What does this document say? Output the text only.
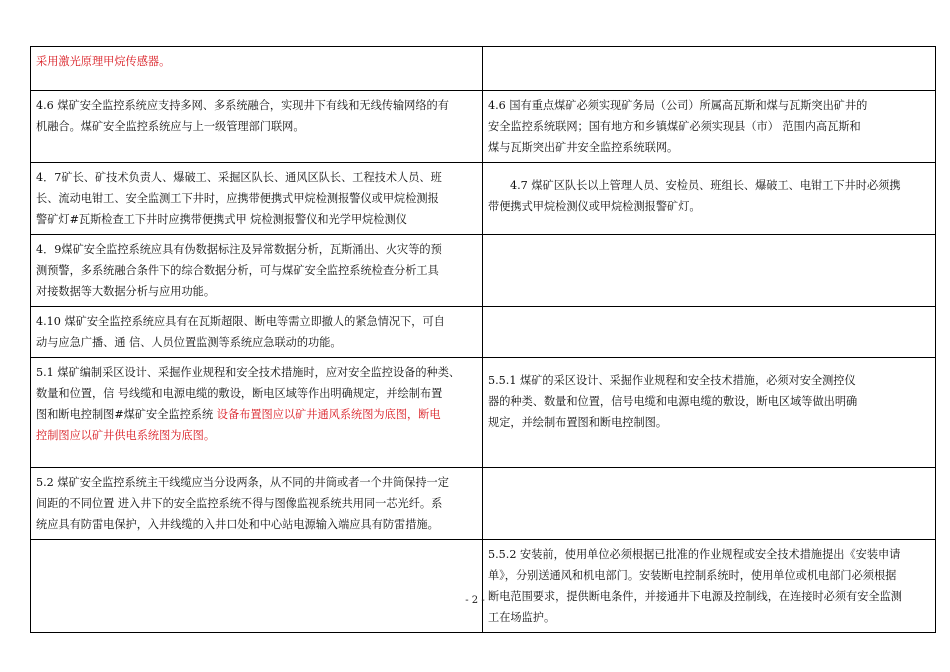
采用激光原理甲烷传感器。	

4.6 煤矿安全监控系统应支持多网、多系统融合，实现井下有线和无线传输网络的有
机融合。煤矿安全监控系统应与上一级管理部门联网。	4.6 国有重点煤矿必须实现矿务局（公司）所属高瓦斯和煤与瓦斯突出矿井的
安全监控系统联网；国有地方和乡镇煤矿必须实现县（市） 范围内高瓦斯和
煤与瓦斯突出矿井安全监控系统联网。

4．7矿长、矿技术负责人、爆破工、采掘区队长、通风区队长、工程技术人员、班
长、流动电钳工、安全监测工下井时，应携带便携式甲烷检测报警仪或甲烷检测报
警矿灯#瓦斯检查工下井时应携带便携式甲 烷检测报警仪和光学甲烷检测仪	4.7 煤矿区队长以上管理人员、安检员、班组长、爆破工、电钳工下井时必须携
带便携式甲烷检测仪或甲烷检测报警矿灯。

4．9煤矿安全监控系统应具有伪数据标注及异常数据分析，瓦斯涌出、火灾等的预
测预警，多系统融合条件下的综合数据分析，可与煤矿安全监控系统检查分析工具
对接数据等大数据分析与应用功能。	

4.10 煤矿安全监控系统应具有在瓦斯超限、断电等需立即撤人的紧急情况下，可自
动与应急广播、通 信、人员位置监测等系统应急联动的功能。	

5.1 煤矿编制采区设计、采掘作业规程和安全技术措施时，应对安全监控设备的种类、
数量和位置，信 号线缆和电源电缆的敷设，断电区域等作出明确规定，并绘制布置
图和断电控制图#煤矿安全监控系统 设备布置图应以矿井通风系统图为底图，断电
控制图应以矿井供电系统图为底图。	5.5.1 煤矿的采区设计、采掘作业规程和安全技术措施，必须对安全测控仪
器的种类、数量和位置，信号电缆和电源电缆的敷设，断电区域等做出明确
规定，并绘制布置图和断电控制图。

5.2 煤矿安全监控系统主干线缆应当分设两条，从不同的井筒或者一个井筒保持一定
间距的不同位置 进入井下的安全监控系统不得与图像监视系统共用同一芯光纤。系
统应具有防雷电保护，入井线缆的入井口处和中心站电源输入端应具有防雷措施。	

	5.5.2 安装前，使用单位必须根据已批准的作业规程或安全技术措施提出《安装申请
单》，分别送通风和机电部门。安装断电控制系统时，使用单位或机电部门必须根据
断电范围要求，提供断电条件，并接通井下电源及控制线，在连接时必须有安全监测
工在场监护。
- 2 -
